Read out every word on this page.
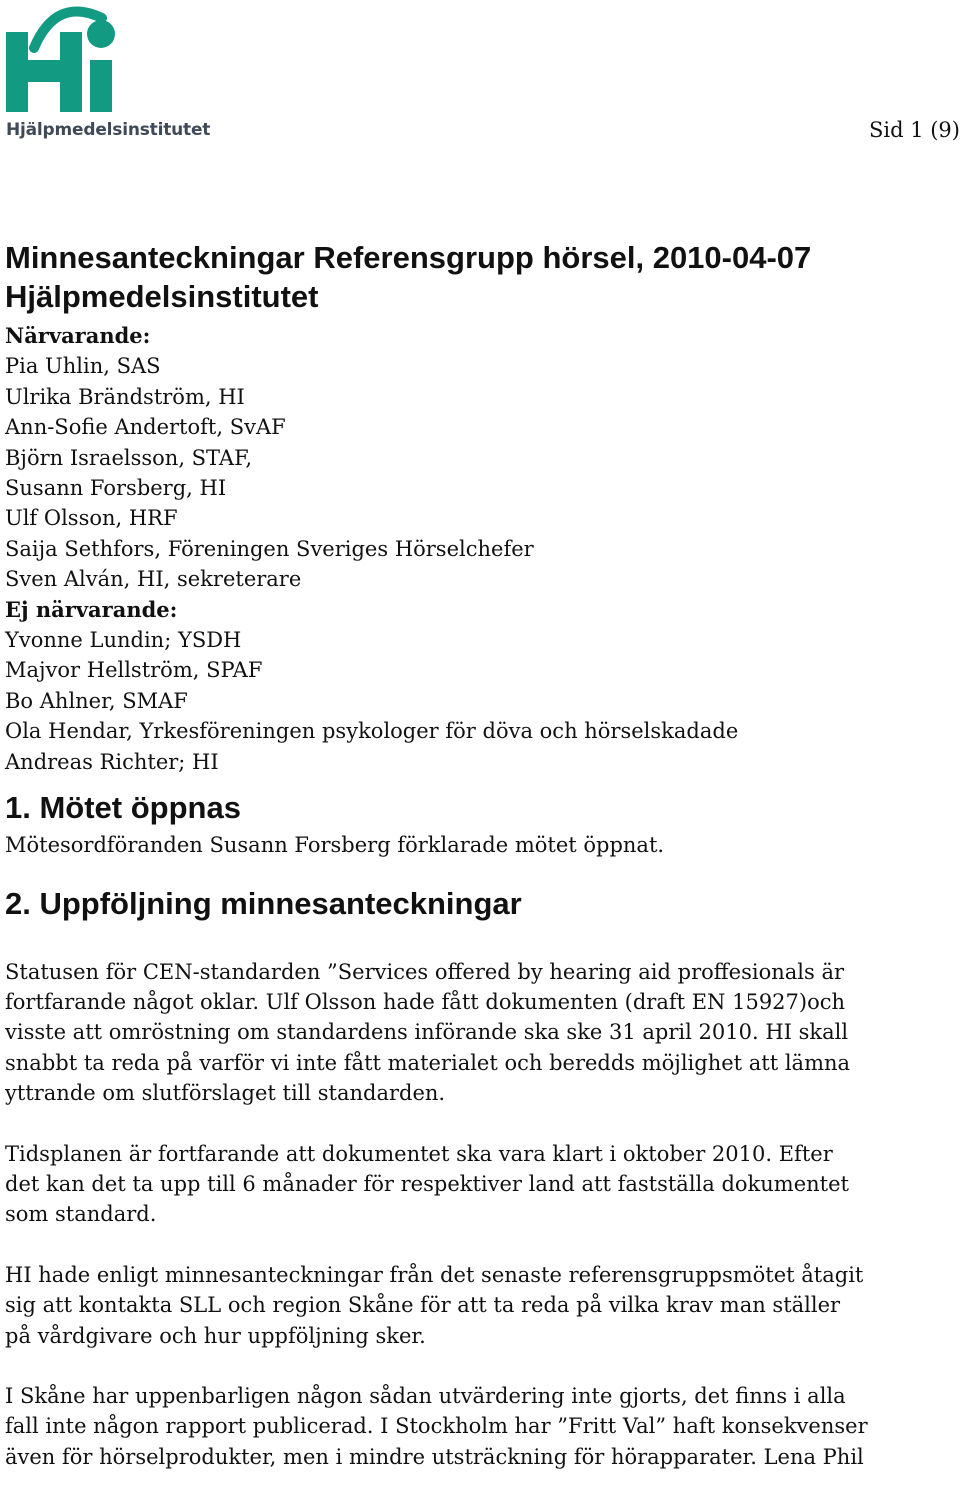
Hjälpmedelsinstitutet	Sid 1 (9)
Minnesanteckningar Referensgrupp hörsel, 2010-04-07
Hjälpmedelsinstitutet
Närvarande:
Pia Uhlin, SAS
Ulrika Brändström, HI
Ann-Sofie Andertoft, SvAF
Björn Israelsson, STAF,
Susann Forsberg, HI
Ulf Olsson, HRF
Saija Sethfors, Föreningen Sveriges Hörselchefer
Sven Alván, HI, sekreterare
Ej närvarande:
Yvonne Lundin; YSDH
Majvor Hellström, SPAF
Bo Ahlner, SMAF
Ola Hendar, Yrkesföreningen psykologer för döva och hörselskadade
Andreas Richter; HI
1. Mötet öppnas

Mötesordföranden Susann Forsberg förklarade mötet öppnat.

2. Uppföljning minnesanteckningar

Statusen för CEN-standarden ”Services offered by hearing aid proffesionals är
fortfarande något oklar. Ulf Olsson hade fått dokumenten (draft EN 15927)och
visste att omröstning om standardens införande ska ske 31 april 2010. HI skall
snabbt ta reda på varför vi inte fått materialet och beredds möjlighet att lämna
yttrande om slutförslaget till standarden.

Tidsplanen är fortfarande att dokumentet ska vara klart i oktober 2010. Efter
det kan det ta upp till 6 månader för respektiver land att fastställa dokumentet
som standard.

HI hade enligt minnesanteckningar från det senaste referensgruppsmötet åtagit
sig att kontakta SLL och region Skåne för att ta reda på vilka krav man ställer
på vårdgivare och hur uppföljning sker.

I Skåne har uppenbarligen någon sådan utvärdering inte gjorts, det finns i alla
fall inte någon rapport publicerad. I Stockholm har ”Fritt Val” haft konsekvenser
även för hörselprodukter, men i mindre utsträckning för hörapparater. Lena Phil
